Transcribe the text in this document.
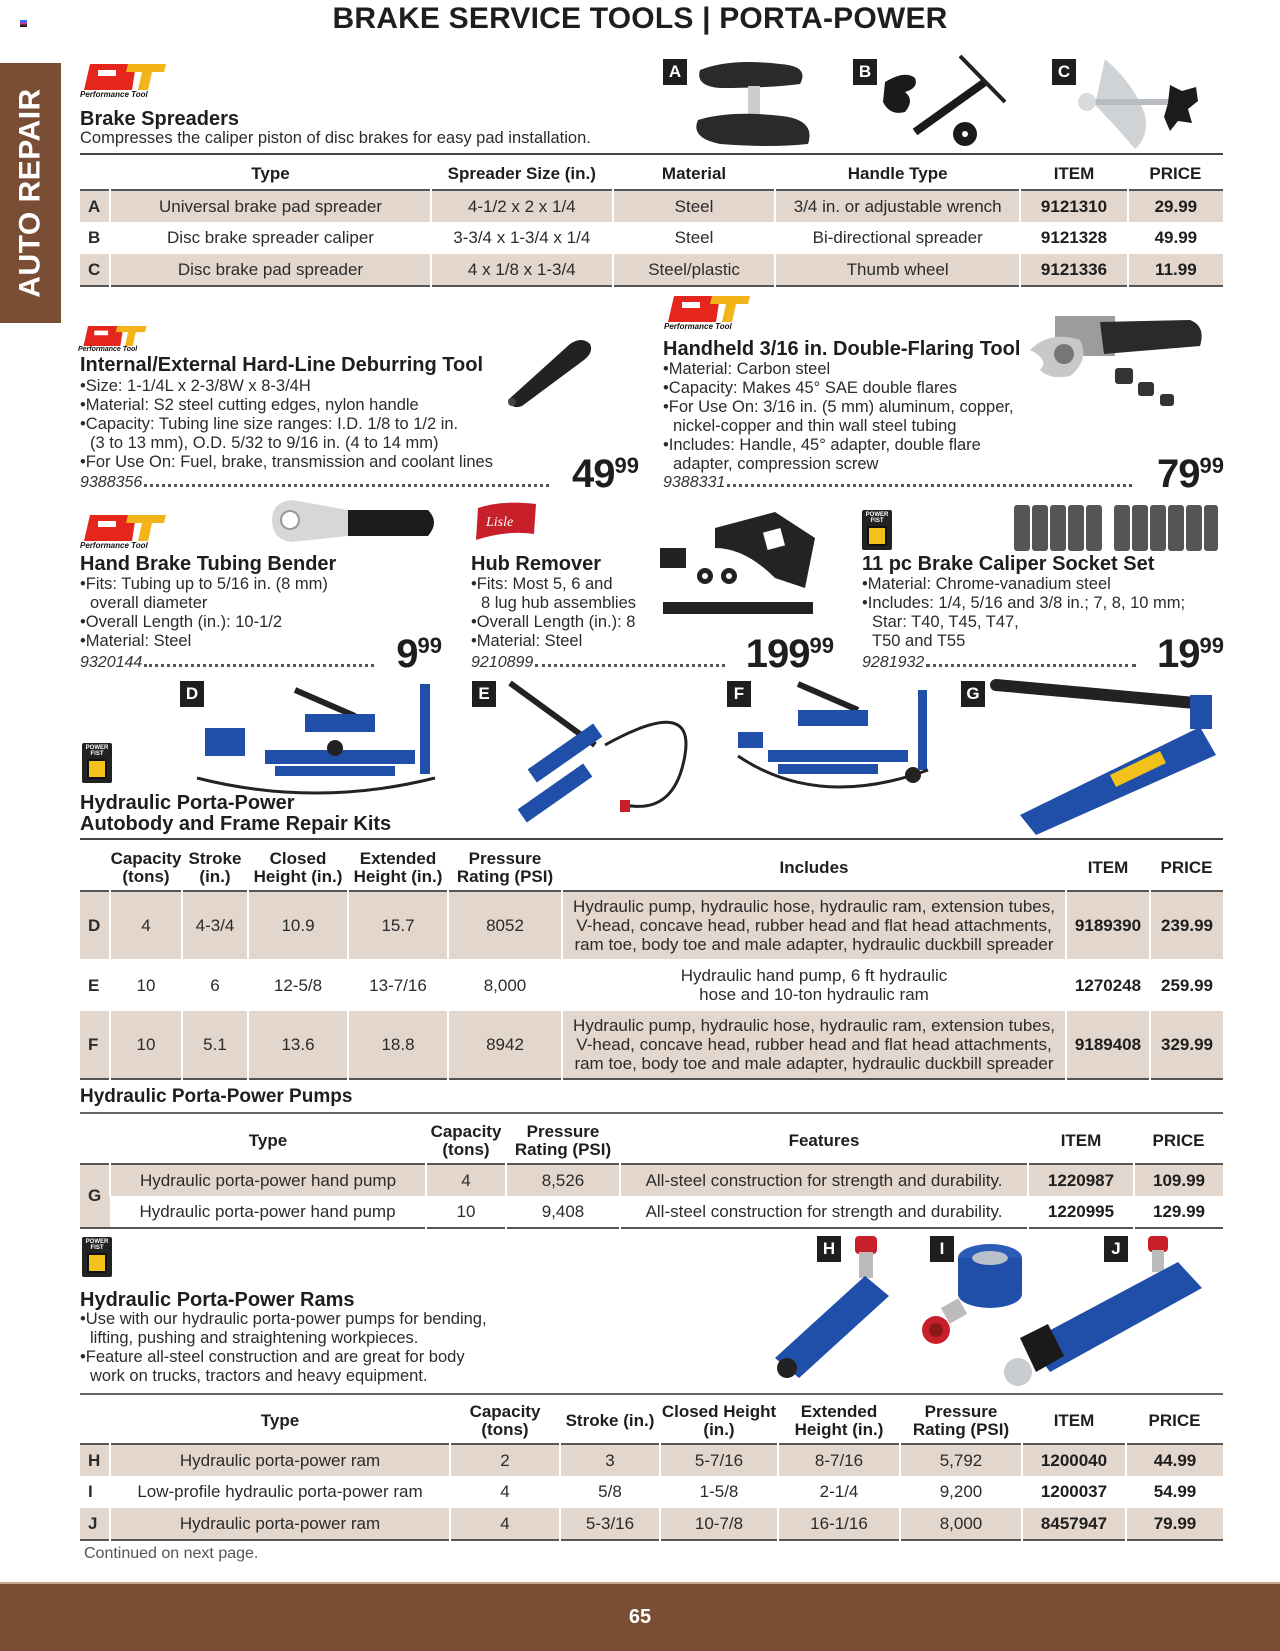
BRAKE SERVICE TOOLS | PORTA-POWER
AUTO REPAIR	Performance Tool
Brake Spreaders
Compresses the caliper piston of disc brakes for easy pad installation.
A	B	C
	Type	Spreader Size (in.)	Material	Handle Type	ITEM	PRICE
A	Universal brake pad spreader	4-1/2 x 2 x 1/4	Steel	3/4 in. or adjustable wrench	9121310	29.99
B	Disc brake spreader caliper	3-3/4 x 1-3/4 x 1/4	Steel	Bi-directional spreader	9121328	49.99
C	Disc brake pad spreader	4 x 1/8 x 1-3/4	Steel/plastic	Thumb wheel	9121336	11.99
Performance Tool
Internal/External Hard-Line Deburring Tool
•Size: 1-1/4L x 2-3/8W x 8-3/4H
•Material: S2 steel cutting edges, nylon handle
•Capacity: Tubing line size ranges: I.D. 1/8 to 1/2 in.
(3 to 13 mm), O.D. 5/32 to 9/16 in. (4 to 14 mm)
•For Use On: Fuel, brake, transmission and coolant lines
9388356	4999
Performance Tool
Handheld 3/16 in. Double-Flaring Tool
•Material: Carbon steel
•Capacity: Makes 45° SAE double flares
•For Use On: 3/16 in. (5 mm) aluminum, copper,
nickel-copper and thin wall steel tubing
•Includes: Handle, 45° adapter, double flare
adapter, compression screw
9388331	7999
Performance Tool
Hand Brake Tubing Bender
•Fits: Tubing up to 5/16 in. (8 mm)
overall diameter
•Overall Length (in.): 10-1/2
•Material: Steel
9320144	999
Lisle
Hub Remover
•Fits: Most 5, 6 and
8 lug hub assemblies
•Overall Length (in.): 8
•Material: Steel
9210899	19999
POWER FIST
11 pc Brake Caliper Socket Set
•Material: Chrome-vanadium steel
•Includes: 1/4, 5/16 and 3/8 in.; 7, 8, 10 mm;
Star: T40, T45, T47,
T50 and T55
9281932	1999
D	E	F	G
POWER FIST
Hydraulic Porta-Power
Autobody and Frame Repair Kits
	Capacity (tons)	Stroke (in.)	Closed Height (in.)	Extended Height (in.)	Pressure Rating (PSI)	Includes	ITEM	PRICE
D	4	4-3/4	10.9	15.7	8052	Hydraulic pump, hydraulic hose, hydraulic ram, extension tubes,
V-head, concave head, rubber head and flat head attachments,
ram toe, body toe and male adapter, hydraulic duckbill spreader	9189390	239.99
E	10	6	12-5/8	13-7/16	8,000	Hydraulic hand pump, 6 ft hydraulic
hose and 10-ton hydraulic ram	1270248	259.99
F	10	5.1	13.6	18.8	8942	Hydraulic pump, hydraulic hose, hydraulic ram, extension tubes,
V-head, concave head, rubber head and flat head attachments,
ram toe, body toe and male adapter, hydraulic duckbill spreader	9189408	329.99
Hydraulic Porta-Power Pumps
	Type	Capacity (tons)	Pressure Rating (PSI)	Features	ITEM	PRICE
G	Hydraulic porta-power hand pump	4	8,526	All-steel construction for strength and durability.	1220987	109.99
	Hydraulic porta-power hand pump	10	9,408	All-steel construction for strength and durability.	1220995	129.99
POWER FIST
Hydraulic Porta-Power Rams
•Use with our hydraulic porta-power pumps for bending,
lifting, pushing and straightening workpieces.
•Feature all-steel construction and are great for body
work on trucks, tractors and heavy equipment.
H	I	J
	Type	Capacity (tons)	Stroke (in.)	Closed Height (in.)	Extended Height (in.)	Pressure Rating (PSI)	ITEM	PRICE
H	Hydraulic porta-power ram	2	3	5-7/16	8-7/16	5,792	1200040	44.99
I	Low-profile hydraulic porta-power ram	4	5/8	1-5/8	2-1/4	9,200	1200037	54.99
J	Hydraulic porta-power ram	4	5-3/16	10-7/8	16-1/16	8,000	8457947	79.99
Continued on next page.
65
